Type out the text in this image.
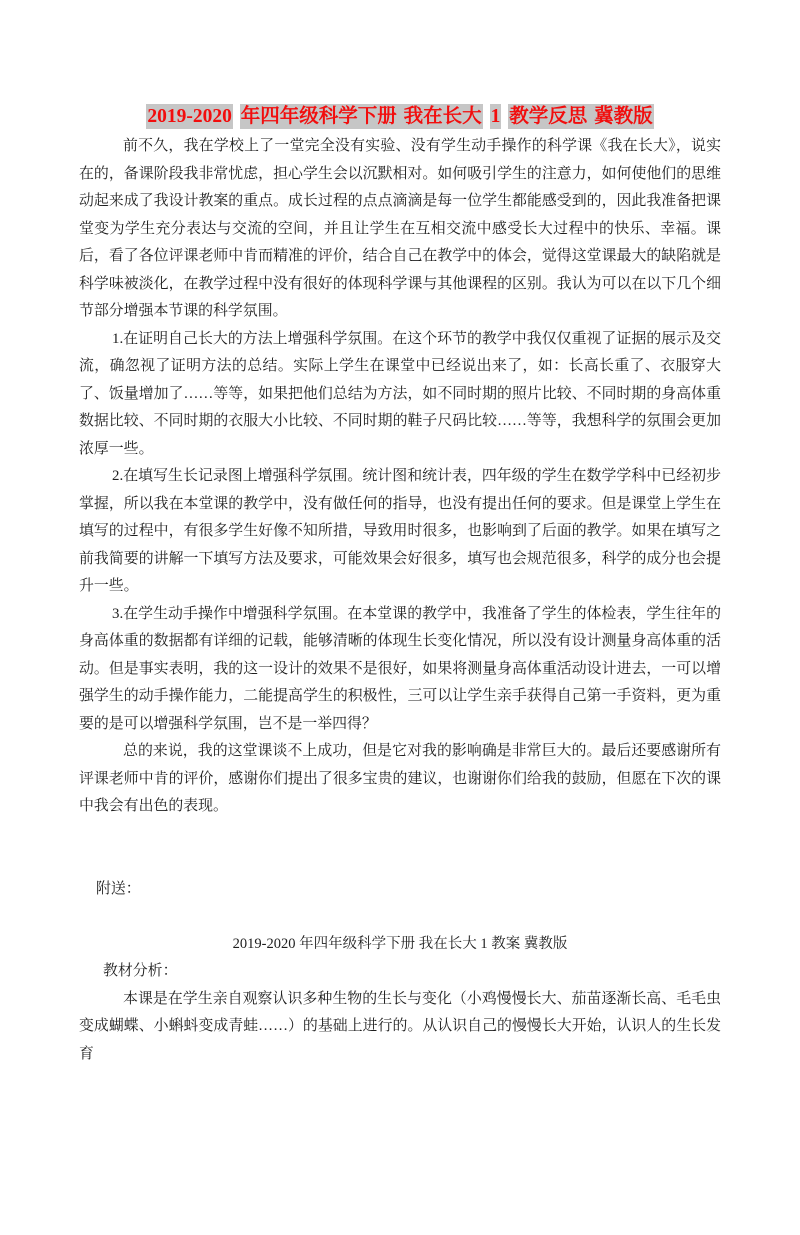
2019-2020 年四年级科学下册 我在长大 1 教学反思 冀教版

前不久，我在学校上了一堂完全没有实验、没有学生动手操作的科学课《我在长大》，说实在的，备课阶段我非常忧虑，担心学生会以沉默相对。如何吸引学生的注意力，如何使他们的思维动起来成了我设计教案的重点。成长过程的点点滴滴是每一位学生都能感受到的，因此我准备把课堂变为学生充分表达与交流的空间，并且让学生在互相交流中感受长大过程中的快乐、幸福。课后，看了各位评课老师中肯而精准的评价，结合自己在教学中的体会，觉得这堂课最大的缺陷就是科学味被淡化，在教学过程中没有很好的体现科学课与其他课程的区别。我认为可以在以下几个细节部分增强本节课的科学氛围。

1.在证明自己长大的方法上增强科学氛围。在这个环节的教学中我仅仅重视了证据的展示及交流，确忽视了证明方法的总结。实际上学生在课堂中已经说出来了，如：长高长重了、衣服穿大了、饭量增加了……等等，如果把他们总结为方法，如不同时期的照片比较、不同时期的身高体重数据比较、不同时期的衣服大小比较、不同时期的鞋子尺码比较……等等，我想科学的氛围会更加浓厚一些。

2.在填写生长记录图上增强科学氛围。统计图和统计表，四年级的学生在数学学科中已经初步掌握，所以我在本堂课的教学中，没有做任何的指导，也没有提出任何的要求。但是课堂上学生在填写的过程中，有很多学生好像不知所措，导致用时很多，也影响到了后面的教学。如果在填写之前我简要的讲解一下填写方法及要求，可能效果会好很多，填写也会规范很多，科学的成分也会提升一些。

3.在学生动手操作中增强科学氛围。在本堂课的教学中，我准备了学生的体检表，学生往年的身高体重的数据都有详细的记载，能够清晰的体现生长变化情况，所以没有设计测量身高体重的活动。但是事实表明，我的这一设计的效果不是很好，如果将测量身高体重活动设计进去，一可以增强学生的动手操作能力，二能提高学生的积极性，三可以让学生亲手获得自己第一手资料，更为重要的是可以增强科学氛围，岂不是一举四得？

总的来说，我的这堂课谈不上成功，但是它对我的影响确是非常巨大的。最后还要感谢所有评课老师中肯的评价，感谢你们提出了很多宝贵的建议，也谢谢你们给我的鼓励，但愿在下次的课中我会有出色的表现。

附送：

2019-2020 年四年级科学下册 我在长大 1 教案 冀教版

教材分析：

本课是在学生亲自观察认识多种生物的生长与变化（小鸡慢慢长大、茄苗逐渐长高、毛毛虫变成蝴蝶、小蝌蚪变成青蛙……）的基础上进行的。从认识自己的慢慢长大开始，认识人的生长发育
